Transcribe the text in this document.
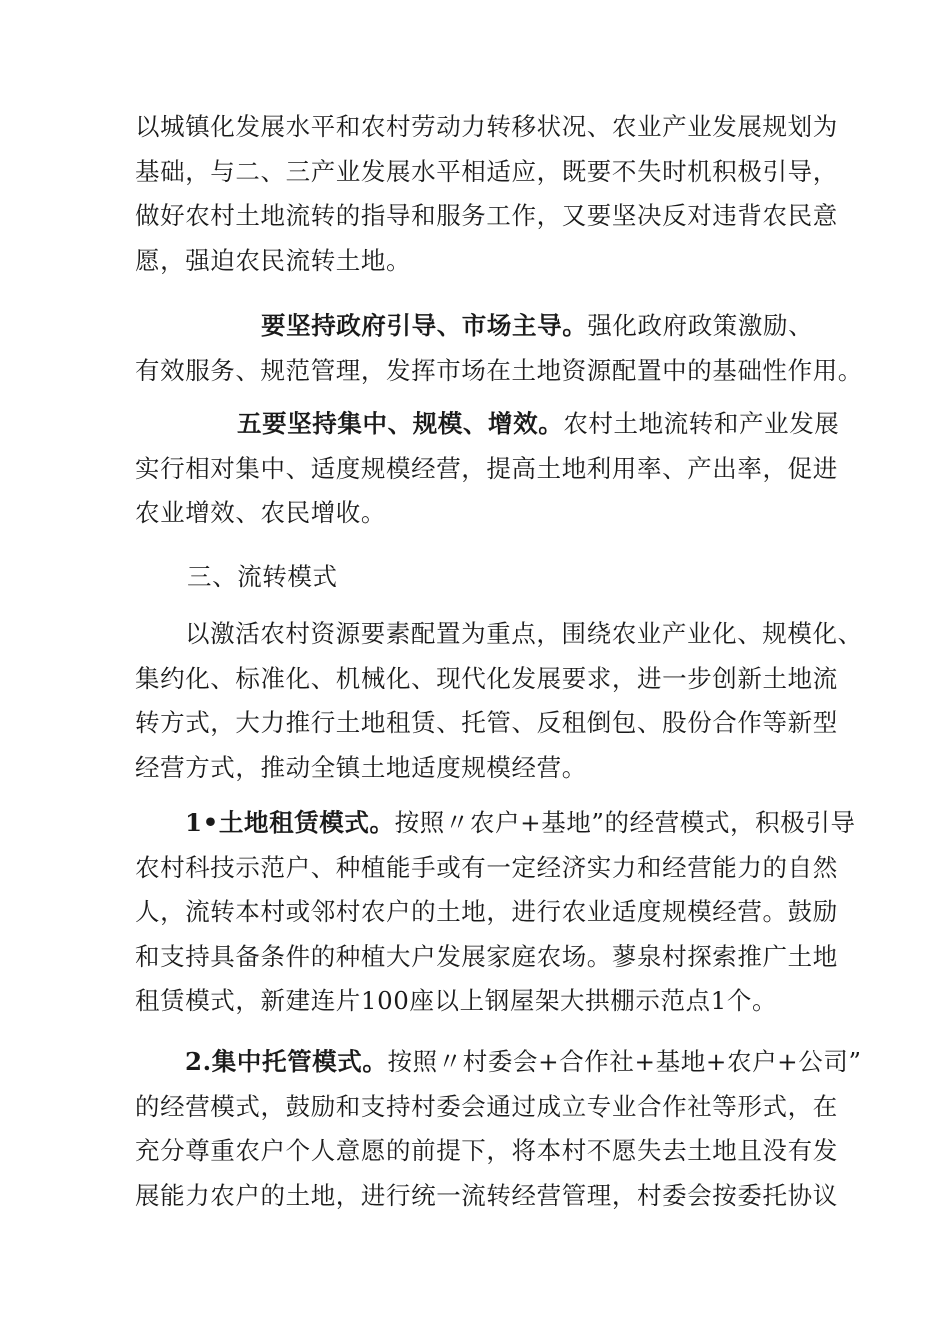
以城镇化发展水平和农村劳动力转移状况、农业产业发展规划为
基础，与二、三产业发展水平相适应，既要不失时机积极引导，
做好农村土地流转的指导和服务工作，又要坚决反对违背农民意
愿，强迫农民流转土地。
要坚持政府引导、市场主导。强化政府政策激励、
有效服务、规范管理，发挥市场在土地资源配置中的基础性作用。
五要坚持集中、规模、增效。农村土地流转和产业发展
实行相对集中、适度规模经营，提高土地利用率、产出率，促进
农业增效、农民增收。
三、流转模式
以激活农村资源要素配置为重点，围绕农业产业化、规模化、
集约化、标准化、机械化、现代化发展要求，进一步创新土地流
转方式，大力推行土地租赁、托管、反租倒包、股份合作等新型
经营方式，推动全镇土地适度规模经营。
1•土地租赁模式。按照〃农户+基地”的经营模式，积极引导
农村科技示范户、种植能手或有一定经济实力和经营能力的自然
人，流转本村或邻村农户的土地，进行农业适度规模经营。鼓励
和支持具备条件的种植大户发展家庭农场。蓼泉村探索推广土地
租赁模式，新建连片100座以上钢屋架大拱棚示范点1个。
2.集中托管模式。按照〃村委会+合作社+基地+农户+公司”
的经营模式，鼓励和支持村委会通过成立专业合作社等形式，在
充分尊重农户个人意愿的前提下，将本村不愿失去土地且没有发
展能力农户的土地，进行统一流转经营管理，村委会按委托协议
